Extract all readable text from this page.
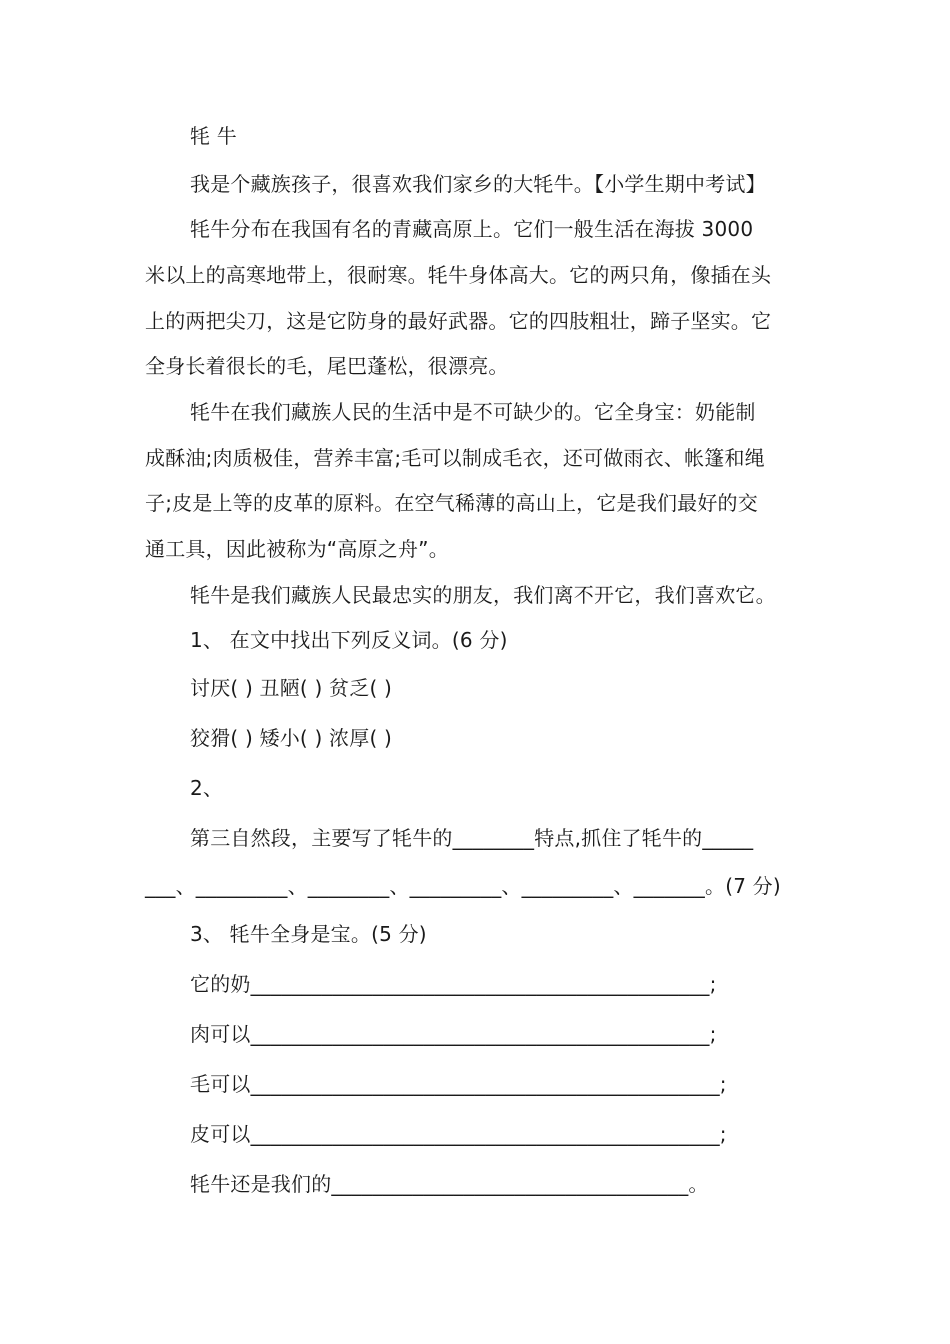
牦 牛
我是个藏族孩子，很喜欢我们家乡的大牦牛。【小学生期中考试】
牦牛分布在我国有名的青藏高原上。它们一般生活在海拔 3000
米以上的高寒地带上，很耐寒。牦牛身体高大。它的两只角，像插在头
上的两把尖刀，这是它防身的最好武器。它的四肢粗壮，蹄子坚实。它
全身长着很长的毛，尾巴蓬松，很漂亮。
牦牛在我们藏族人民的生活中是不可缺少的。它全身宝：奶能制
成酥油;肉质极佳，营养丰富;毛可以制成毛衣，还可做雨衣、帐篷和绳
子;皮是上等的皮革的原料。在空气稀薄的高山上，它是我们最好的交
通工具，因此被称为“高原之舟”。
牦牛是我们藏族人民最忠实的朋友，我们离不开它，我们喜欢它。
1、 在文中找出下列反义词。(6 分)
讨厌( ) 丑陋( ) 贫乏( )
狡猾( ) 矮小( ) 浓厚( )
2、
第三自然段，主要写了牦牛的________特点,抓住了牦牛的_____
___、_________、________、_________、_________、_______。(7 分)
3、 牦牛全身是宝。(5 分)
它的奶_____________________________________________;
肉可以_____________________________________________;
毛可以______________________________________________;
皮可以______________________________________________;
牦牛还是我们的___________________________________。
